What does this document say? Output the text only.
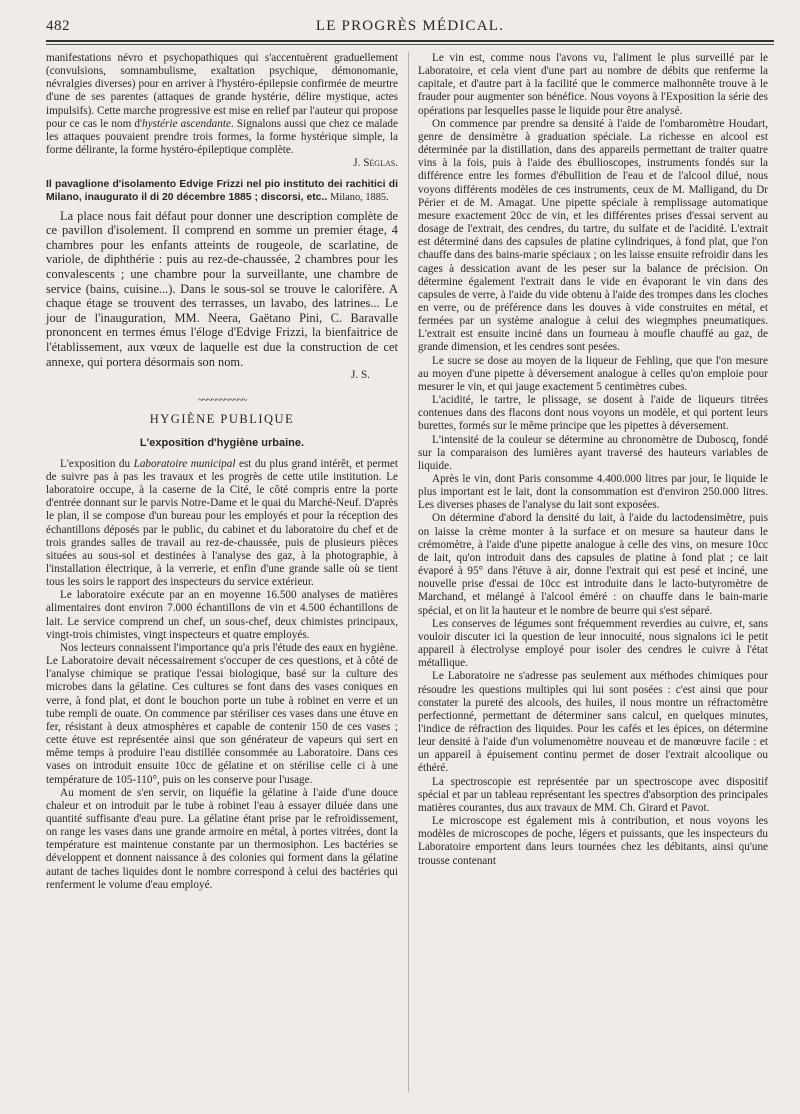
482	LE PROGRÈS MÉDICAL.

manifestations névro et psychopathiques qui s'accentuèrent graduellement (convulsions, somnambulisme, exaltation psychique, démonomanie, névralgies diverses) pour en arriver à l'hystéro-épilepsie confirmée de meurtre d'une de ses parentes (attaques de grande hystérie, délire mystique, actes impulsifs). Cette marche progressive est mise en relief par l'auteur qui propose pour ce cas le nom d'hystérie ascendante. Signalons aussi que chez ce malade les attaques pouvaient prendre trois formes, la forme hystérique simple, la forme délirante, la forme hystéro-épileptique complète.

J. Séglas.
Il pavaglione d'isolamento Edvige Frizzi nel pio instituto dei rachitici di Milano, inaugurato il di 20 décembre 1885 ; discorsi, etc.. Milano, 1885.

La place nous fait défaut pour donner une description complète de ce pavillon d'isolement. Il comprend en somme un premier étage, 4 chambres pour les enfants atteints de rougeole, de scarlatine, de variole, de diphthérie : puis au rez-de-chaussée, 2 chambres pour les convalescents ; une chambre pour la surveillante, une chambre de service (bains, cuisine...). Dans le sous-sol se trouve le calorifère. A chaque étage se trouvent des terrasses, un lavabo, des latrines... Le jour de l'inauguration, MM. Neera, Gaëtano Pini, C. Baravalle prononcent en termes émus l'éloge d'Edvige Frizzi, la bienfaitrice de l'établissement, aux vœux de laquelle est due la construction de cet annexe, qui portera désormais son nom.

J. S.
~~~~~~~~~~~
HYGIÈNE PUBLIQUE
L'exposition d'hygiène urbaine.

L'exposition du Laboratoire municipal est du plus grand intérêt, et permet de suivre pas à pas les travaux et les progrès de cette utile institution. Le laboratoire occupe, à la caserne de la Cité, le côté compris entre la porte d'entrée donnant sur le parvis Notre-Dame et le quai du Marché-Neuf. D'après le plan, il se compose d'un bureau pour les employés et pour la réception des échantillons déposés par le public, du cabinet et du laboratoire du chef et de trois grandes salles de travail au rez-de-chaussée, puis de plusieurs pièces situées au sous-sol et destinées à l'analyse des gaz, à la photographie, à l'installation électrique, à la verrerie, et enfin d'une grande salle où se tient tous les soirs le rapport des inspecteurs du service extérieur.

Le laboratoire exécute par an en moyenne 16.500 analyses de matières alimentaires dont environ 7.000 échantillons de vin et 4.500 échantillons de lait. Le service comprend un chef, un sous-chef, deux chimistes principaux, vingt-trois chimistes, vingt inspecteurs et quatre employés.

Nos lecteurs connaissent l'importance qu'a pris l'étude des eaux en hygiène. Le Laboratoire devait nécessairement s'occuper de ces questions, et à côté de l'analyse chimique se pratique l'essai biologique, basé sur la culture des microbes dans la gélatine. Ces cultures se font dans des vases coniques en verre, à fond plat, et dont le bouchon porte un tube à robinet en verre et un tube rempli de ouate. On commence par stériliser ces vases dans une étuve en fer, résistant à deux atmosphères et capable de contenir 150 de ces vases ; cette étuve est représentée ainsi que son générateur de vapeurs qui sert en même temps à produire l'eau distillée consommée au Laboratoire. Dans ces vases on introduit ensuite 10cc de gélatine et on stérilise celle ci à une température de 105-110°, puis on les conserve pour l'usage.

Au moment de s'en servir, on liquéfie la gélatine à l'aide d'une douce chaleur et on introduit par le tube à robinet l'eau à essayer diluée dans une quantité suffisante d'eau pure. La gélatine étant prise par le refroidissement, on range les vases dans une grande armoire en métal, à portes vitrées, dont la température est maintenue constante par un thermosiphon. Les bactéries se développent et donnent naissance à des colonies qui forment dans la gélatine autant de taches liquides dont le nombre correspond à celui des bactéries qui renferment le volume d'eau employé.

Le vin est, comme nous l'avons vu, l'aliment le plus surveillé par le Laboratoire, et cela vient d'une part au nombre de débits que renferme la capitale, et d'autre part à la facilité que le commerce malhonnête trouve à le frauder pour augmenter son bénéfice. Nous voyons à l'Exposition la série des opérations par lesquelles passe le liquide pour être analysé.

On commence par prendre sa densité à l'aide de l'ombaromètre Houdart, genre de densimètre à graduation spéciale. La richesse en alcool est déterminée par la distillation, dans des appareils permettant de traiter quatre vins à la fois, puis à l'aide des ébullioscopes, instruments fondés sur la différence entre les formes d'ébullition de l'eau et de l'alcool dilué, nous voyons différents modèles de ces instruments, ceux de M. Malligand, du Dr Périer et de M. Amagat. Une pipette spéciale à remplissage automatique mesure exactement 20cc de vin, et les différentes prises d'essai servent au dosage de l'extrait, des cendres, du tartre, du sulfate et de l'acidité. L'extrait est déterminé dans des capsules de platine cylindriques, à fond plat, que l'on chauffe dans des bains-marie spéciaux ; on les laisse ensuite refroidir dans les cages à dessication avant de les peser sur la balance de précision. On détermine également l'extrait dans le vide en évaporant le vin dans des capsules de verre, à l'aide du vide obtenu à l'aide des trompes dans les cloches en verre, ou de préférence dans les douves à vide construites en métal, et fermées par un système analogue à celui des wiegmphes pneumatiques. L'extrait est ensuite inciné dans un fourneau à moufle chauffé au gaz, de grande dimension, et les cendres sont pesées.

Le sucre se dose au moyen de la liqueur de Fehling, que que l'on mesure au moyen d'une pipette à déversement analogue à celles qu'on emploie pour mesurer le vin, et qui jauge exactement 5 centimètres cubes.

L'acidité, le tartre, le plissage, se dosent à l'aide de liqueurs titrées contenues dans des flacons dont nous voyons un modèle, et qui portent leurs burettes, formés sur le même principe que les pipettes à déversement.

L'intensité de la couleur se détermine au chronomètre de Duboscq, fondé sur la comparaison des lumières ayant traversé des hauteurs variables de liquide.

Après le vin, dont Paris consomme 4.400.000 litres par jour, le liquide le plus important est le lait, dont la consommation est d'environ 250.000 litres. Les diverses phases de l'analyse du lait sont exposées.

On détermine d'abord la densité du lait, à l'aide du lactodensimètre, puis on laisse la crème monter à la surface et on mesure sa hauteur dans le crémomètre, à l'aide d'une pipette analogue à celle des vins, on mesure 10cc de lait, qu'on introduit dans des capsules de platine à fond plat ; ce lait évaporé à 95° dans l'étuve à air, donne l'extrait qui est pesé et inciné, une nouvelle prise d'essai de 10cc est introduite dans le lacto-butyromètre de Marchand, et mélangé à l'alcool éméré : on chauffe dans le bain-marie spécial, et on lit la hauteur et le nombre de beurre qui s'est séparé.

Les conserves de légumes sont fréquemment reverdies au cuivre, et, sans vouloir discuter ici la question de leur innocuité, nous signalons ici le petit appareil à électrolyse employé pour isoler des cendres le cuivre à l'état métallique.

Le Laboratoire ne s'adresse pas seulement aux méthodes chimiques pour résoudre les questions multiples qui lui sont posées : c'est ainsi que pour constater la pureté des alcools, des huiles, il nous montre un réfractomètre perfectionné, permettant de déterminer sans calcul, en quelques minutes, l'indice de réfraction des liquides. Pour les cafés et les épices, on détermine leur densité à l'aide d'un volumenomètre nouveau et de manœuvre facile : et un appareil à épuisement continu permet de doser l'extrait alcoolique ou éthéré.

La spectroscopie est représentée par un spectroscope avec dispositif spécial et par un tableau représentant les spectres d'absorption des principales matières courantes, dus aux travaux de MM. Ch. Girard et Pavot.

Le microscope est également mis à contribution, et nous voyons les modèles de microscopes de poche, légers et puissants, que les inspecteurs du Laboratoire emportent dans leurs tournées chez les débitants, ainsi qu'une trousse contenant
